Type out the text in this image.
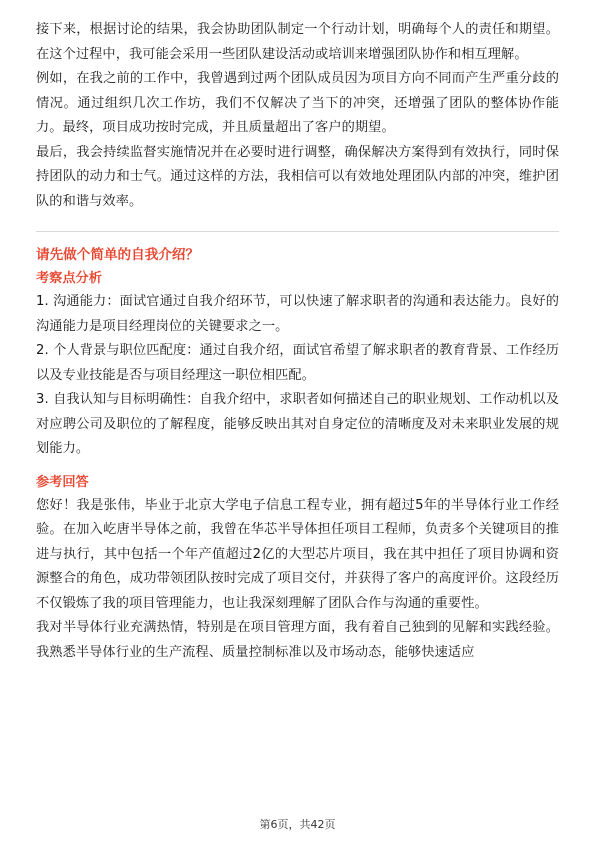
接下来，根据讨论的结果，我会协助团队制定一个行动计划，明确每个人的责任和期望。在这个过程中，我可能会采用一些团队建设活动或培训来增强团队协作和相互理解。

例如，在我之前的工作中，我曾遇到过两个团队成员因为项目方向不同而产生严重分歧的情况。通过组织几次工作坊，我们不仅解决了当下的冲突，还增强了团队的整体协作能力。最终，项目成功按时完成，并且质量超出了客户的期望。

最后，我会持续监督实施情况并在必要时进行调整，确保解决方案得到有效执行，同时保持团队的动力和士气。通过这样的方法，我相信可以有效地处理团队内部的冲突，维护团队的和谐与效率。

请先做个简单的自我介绍？
考察点分析

1. 沟通能力：面试官通过自我介绍环节，可以快速了解求职者的沟通和表达能力。良好的沟通能力是项目经理岗位的关键要求之一。

2. 个人背景与职位匹配度：通过自我介绍，面试官希望了解求职者的教育背景、工作经历以及专业技能是否与项目经理这一职位相匹配。

3. 自我认知与目标明确性：自我介绍中，求职者如何描述自己的职业规划、工作动机以及对应聘公司及职位的了解程度，能够反映出其对自身定位的清晰度及对未来职业发展的规划能力。

参考回答

您好！我是张伟，毕业于北京大学电子信息工程专业，拥有超过5年的半导体行业工作经验。在加入屹唐半导体之前，我曾在华芯半导体担任项目工程师，负责多个关键项目的推进与执行，其中包括一个年产值超过2亿的大型芯片项目，我在其中担任了项目协调和资源整合的角色，成功带领团队按时完成了项目交付，并获得了客户的高度评价。这段经历不仅锻炼了我的项目管理能力，也让我深刻理解了团队合作与沟通的重要性。

我对半导体行业充满热情，特别是在项目管理方面，我有着自己独到的见解和实践经验。我熟悉半导体行业的生产流程、质量控制标准以及市场动态，能够快速适应

第6页，共42页
